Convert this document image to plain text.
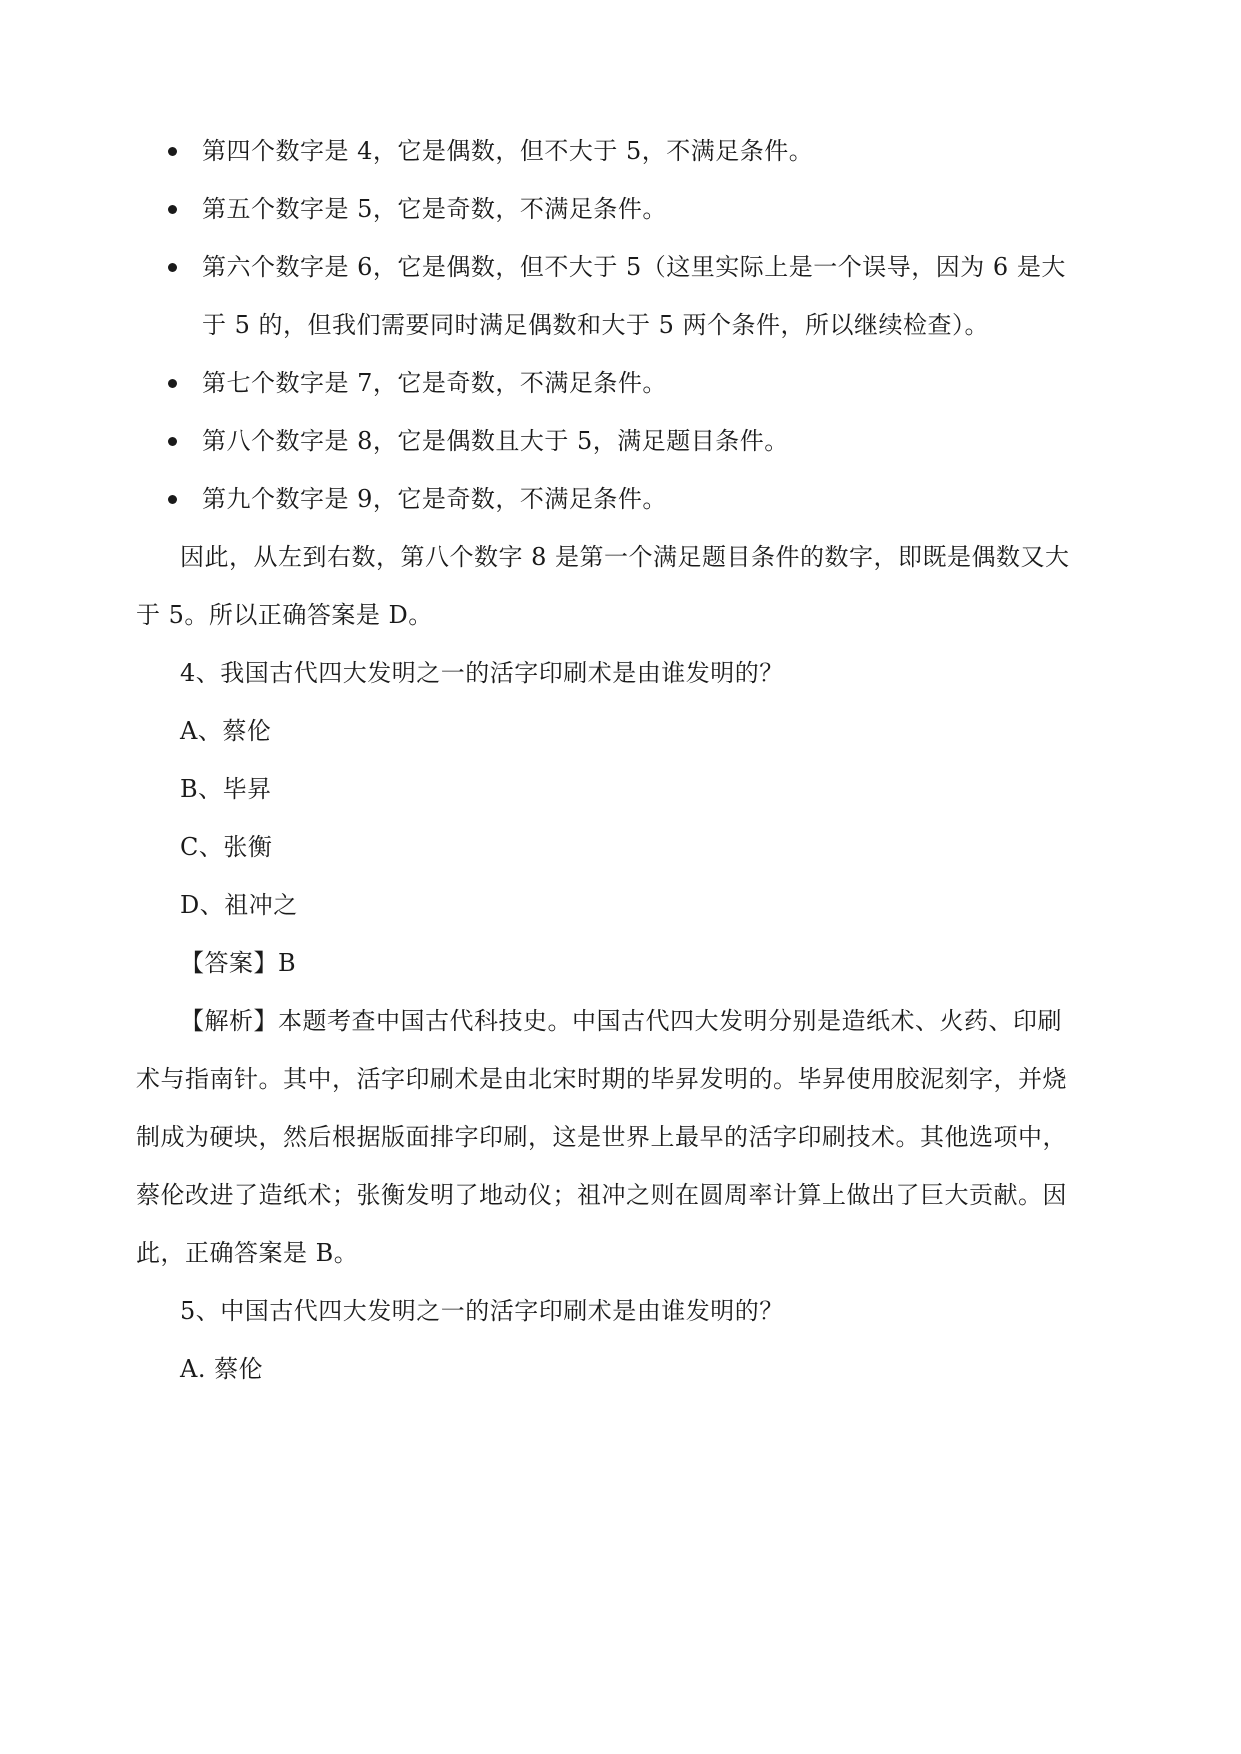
第四个数字是 4，它是偶数，但不大于 5，不满足条件。
第五个数字是 5，它是奇数，不满足条件。
第六个数字是 6，它是偶数，但不大于 5（这里实际上是一个误导，因为 6 是大
于 5 的，但我们需要同时满足偶数和大于 5 两个条件，所以继续检查）。
第七个数字是 7，它是奇数，不满足条件。
第八个数字是 8，它是偶数且大于 5，满足题目条件。
第九个数字是 9，它是奇数，不满足条件。
因此，从左到右数，第八个数字 8 是第一个满足题目条件的数字，即既是偶数又大
于 5。所以正确答案是 D。
4、我国古代四大发明之一的活字印刷术是由谁发明的？
A、蔡伦
B、毕昇
C、张衡
D、祖冲之
【答案】B
【解析】本题考查中国古代科技史。中国古代四大发明分别是造纸术、火药、印刷
术与指南针。其中，活字印刷术是由北宋时期的毕昇发明的。毕昇使用胶泥刻字，并烧
制成为硬块，然后根据版面排字印刷，这是世界上最早的活字印刷技术。其他选项中，
蔡伦改进了造纸术；张衡发明了地动仪；祖冲之则在圆周率计算上做出了巨大贡献。因
此，正确答案是 B。
5、中国古代四大发明之一的活字印刷术是由谁发明的？
A. 蔡伦
